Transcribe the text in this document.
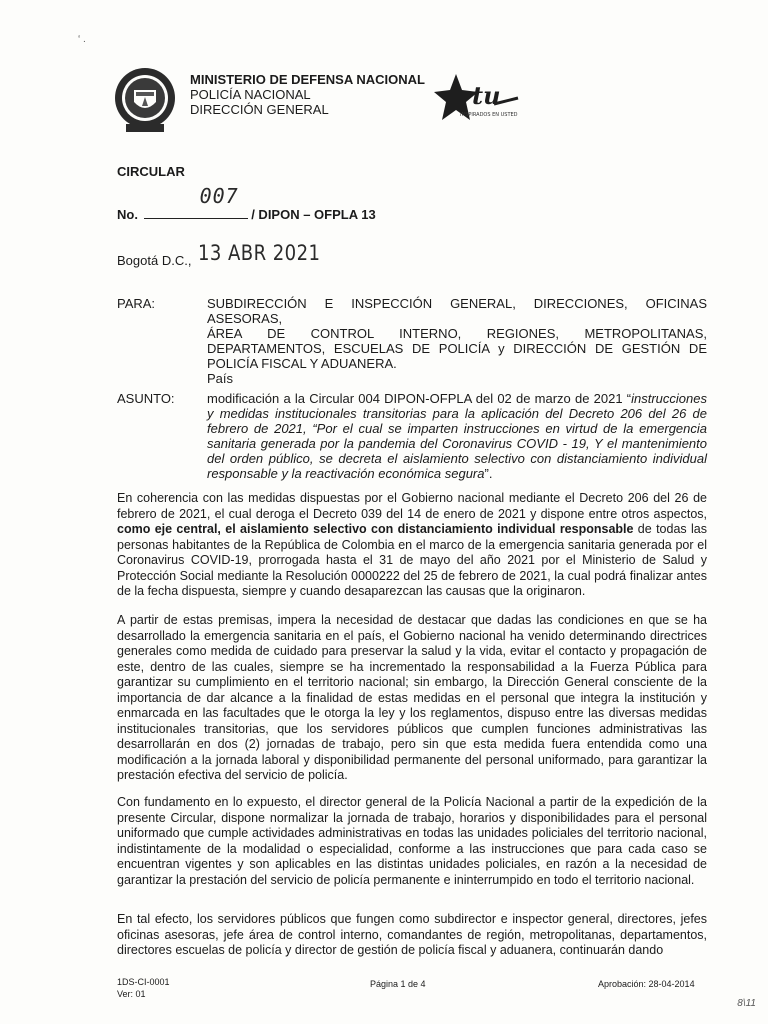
‘ .
MINISTERIO DE DEFENSA NACIONAL
POLICÍA NACIONAL
DIRECCIÓN GENERAL	tu
INSPIRADOS EN USTED
CIRCULAR
No.
007
/ DIPON – OFPLA 13
Bogotá D.C., 13 ABR 2021
PARA:	SUBDIRECCIÓN E INSPECCIÓN GENERAL, DIRECCIONES, OFICINAS ASESORAS,
ÁREA DE CONTROL INTERNO, REGIONES, METROPOLITANAS,
DEPARTAMENTOS, ESCUELAS DE POLICÍA y DIRECCIÓN DE GESTIÓN DE
POLICÍA FISCAL Y ADUANERA.
País
ASUNTO: modificación a la Circular 004 DIPON-OFPLA del 02 de marzo de 2021 “instrucciones y medidas institucionales transitorias para la aplicación del Decreto 206 del 26 de febrero de 2021, “Por el cual se imparten instrucciones en virtud de la emergencia sanitaria generada por la pandemia del Coronavirus COVID - 19, Y el mantenimiento del orden público, se decreta el aislamiento selectivo con distanciamiento individual responsable y la reactivación económica segura”.
En coherencia con las medidas dispuestas por el Gobierno nacional mediante el Decreto 206 del 26 de febrero de 2021, el cual deroga el Decreto 039 del 14 de enero de 2021 y dispone entre otros aspectos, como eje central, el aislamiento selectivo con distanciamiento individual responsable de todas las personas habitantes de la República de Colombia en el marco de la emergencia sanitaria generada por el Coronavirus COVID-19, prorrogada hasta el 31 de mayo del año 2021 por el Ministerio de Salud y Protección Social mediante la Resolución 0000222 del 25 de febrero de 2021, la cual podrá finalizar antes de la fecha dispuesta, siempre y cuando desaparezcan las causas que la originaron.
A partir de estas premisas, impera la necesidad de destacar que dadas las condiciones en que se ha desarrollado la emergencia sanitaria en el país, el Gobierno nacional ha venido determinando directrices generales como medida de cuidado para preservar la salud y la vida, evitar el contacto y propagación de este, dentro de las cuales, siempre se ha incrementado la responsabilidad a la Fuerza Pública para garantizar su cumplimiento en el territorio nacional; sin embargo, la Dirección General consciente de la importancia de dar alcance a la finalidad de estas medidas en el personal que integra la institución y enmarcada en las facultades que le otorga la ley y los reglamentos, dispuso entre las diversas medidas institucionales transitorias, que los servidores públicos que cumplen funciones administrativas las desarrollarán en dos (2) jornadas de trabajo, pero sin que esta medida fuera entendida como una modificación a la jornada laboral y disponibilidad permanente del personal uniformado, para garantizar la prestación efectiva del servicio de policía.
Con fundamento en lo expuesto, el director general de la Policía Nacional a partir de la expedición de la presente Circular, dispone normalizar la jornada de trabajo, horarios y disponibilidades para el personal uniformado que cumple actividades administrativas en todas las unidades policiales del territorio nacional, indistintamente de la modalidad o especialidad, conforme a las instrucciones que para cada caso se encuentran vigentes y son aplicables en las distintas unidades policiales, en razón a la necesidad de garantizar la prestación del servicio de policía permanente e ininterrumpido en todo el territorio nacional.
En tal efecto, los servidores públicos que fungen como subdirector e inspector general, directores, jefes oficinas asesoras, jefe área de control interno, comandantes de región, metropolitanas, departamentos, directores escuelas de policía y director de gestión de policía fiscal y aduanera, continuarán dando
1DS-CI-0001
Ver: 01
Página 1 de 4	Aprobación: 28-04-2014
8\11
